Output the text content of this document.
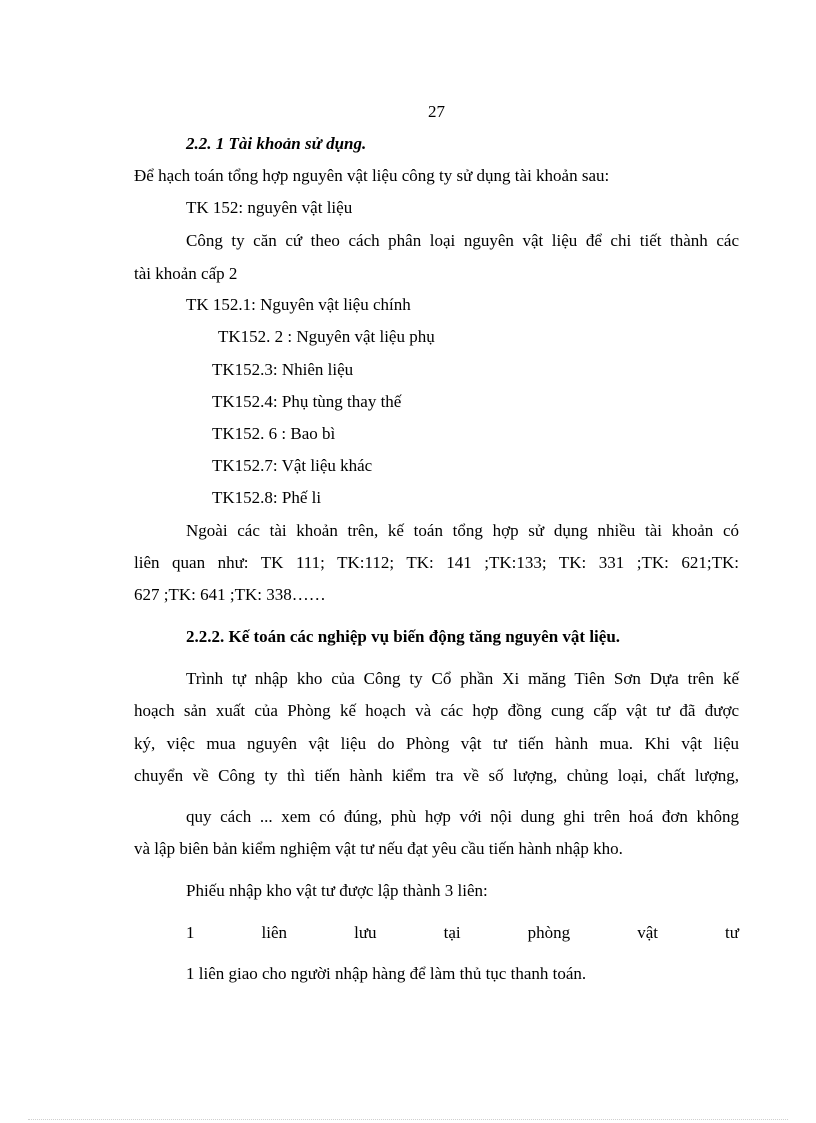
27
2.2. 1 Tài khoản sử dụng.
Để hạch toán tổng hợp nguyên vật liệu công ty sử dụng tài khoản sau:
TK 152: nguyên vật liệu
Công ty căn cứ theo cách phân loại nguyên vật liệu để chi tiết thành các
tài khoản cấp 2
TK 152.1: Nguyên vật liệu chính
TK152. 2 : Nguyên vật liệu phụ
TK152.3: Nhiên liệu
TK152.4: Phụ tùng thay thế
TK152. 6 : Bao bì
TK152.7: Vật liệu khác
TK152.8: Phế li
Ngoài các tài khoản trên, kế toán tổng hợp sử dụng nhiều tài khoản có
liên quan như: TK 111; TK:112; TK: 141 ;TK:133; TK: 331 ;TK: 621;TK:
627 ;TK: 641 ;TK: 338……
2.2.2. Kế toán các nghiệp vụ biến động tăng nguyên vật liệu.
Trình tự nhập kho của Công ty Cổ phần Xi măng Tiên Sơn Dựa trên kế
hoạch sản xuất của Phòng kế hoạch và các hợp đồng cung cấp vật tư đã được
ký, việc mua nguyên vật liệu do Phòng vật tư tiến hành mua. Khi vật liệu
chuyển về Công ty thì tiến hành kiểm tra về số lượng, chủng loại, chất lượng,
quy cách ... xem có đúng, phù hợp với nội dung ghi trên hoá đơn không
và lập biên bản kiểm nghiệm vật tư nếu đạt yêu cầu tiến hành nhập kho.
Phiếu nhập kho vật tư được lập thành 3 liên:
1 liên lưu tại phòng vật tư
1 liên giao cho người nhập hàng để làm thủ tục thanh toán.
